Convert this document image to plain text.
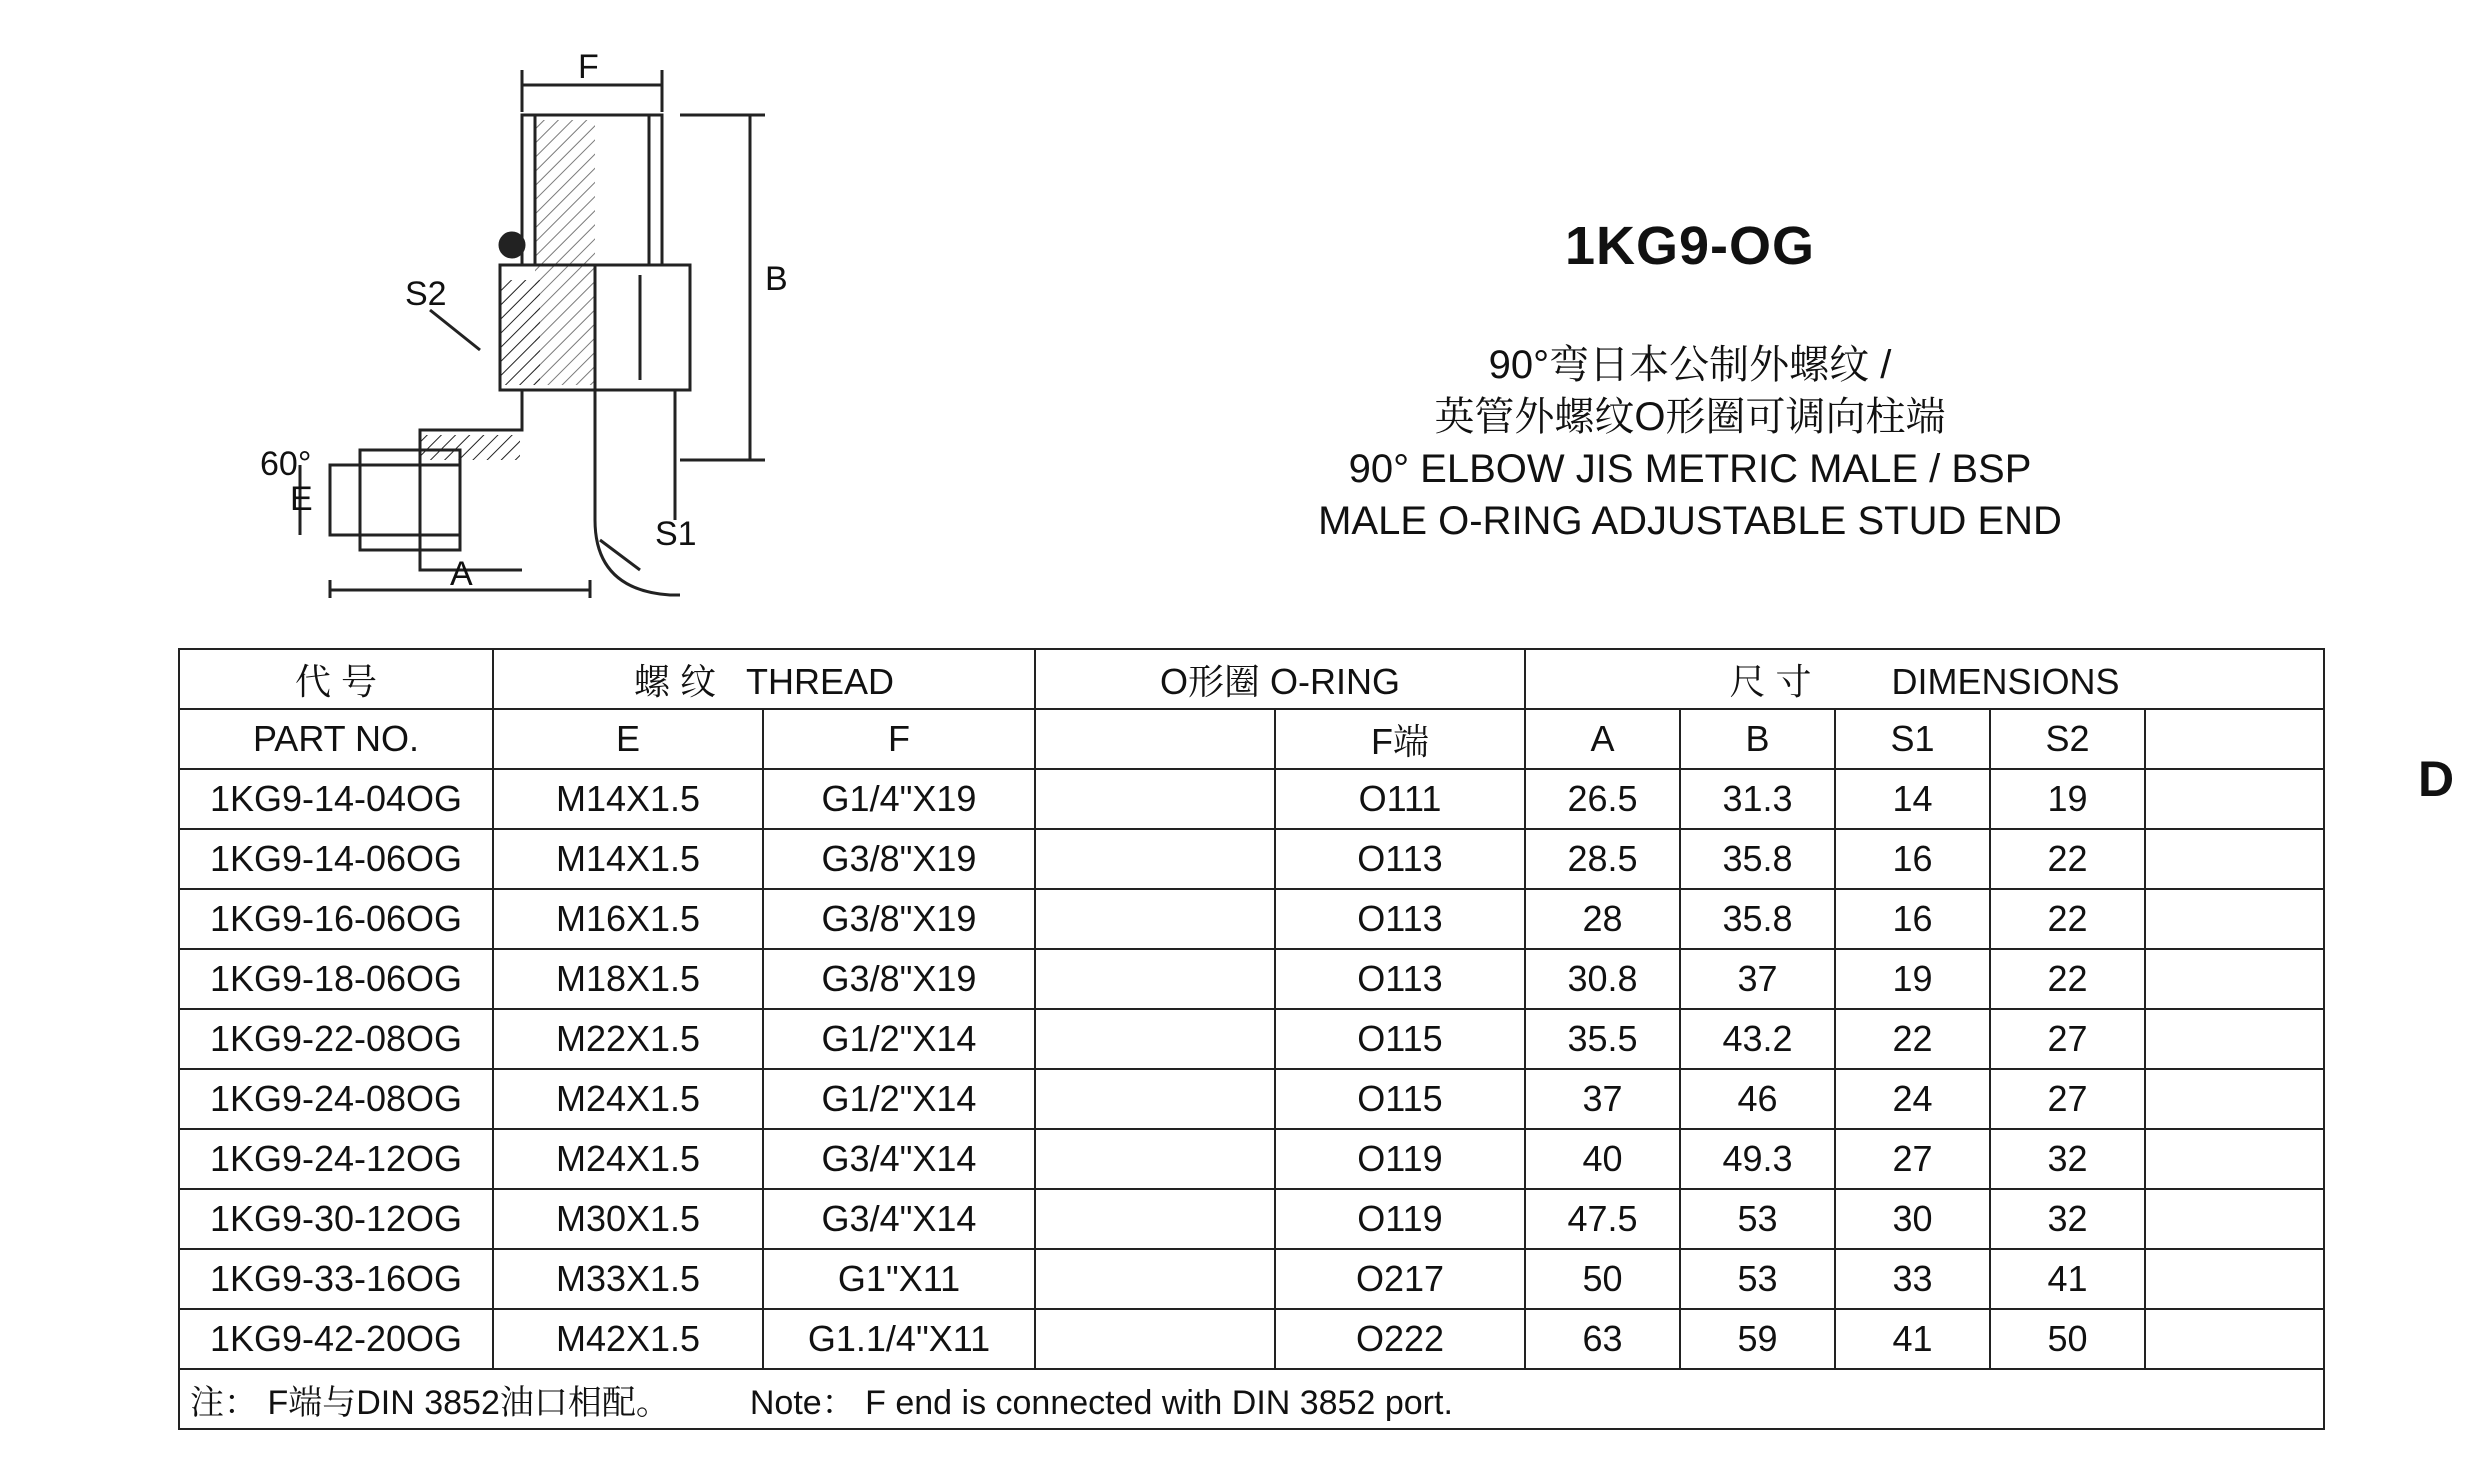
F
B
S2
S1
E
A
60°
1KG9-OG
90°弯日本公制外螺纹 /
英管外螺纹O形圈可调向柱端
90° ELBOW JIS METRIC MALE / BSP
MALE O-RING ADJUSTABLE STUD END
D
代 号	螺 纹 THREAD		O形圈 O-RING		尺 寸 DIMENSIONS				
PART NO.	E	F		F端	A	B	S1	S2	
1KG9-14-04OG	M14X1.5	G1/4"X19		O111	26.5	31.3	14	19	
1KG9-14-06OG	M14X1.5	G3/8"X19		O113	28.5	35.8	16	22	
1KG9-16-06OG	M16X1.5	G3/8"X19		O113	28	35.8	16	22	
1KG9-18-06OG	M18X1.5	G3/8"X19		O113	30.8	37	19	22	
1KG9-22-08OG	M22X1.5	G1/2"X14		O115	35.5	43.2	22	27	
1KG9-24-08OG	M24X1.5	G1/2"X14		O115	37	46	24	27	
1KG9-24-12OG	M24X1.5	G3/4"X14		O119	40	49.3	27	32	
1KG9-30-12OG	M30X1.5	G3/4"X14		O119	47.5	53	30	32	
1KG9-33-16OG	M33X1.5	G1"X11		O217	50	53	33	41	
1KG9-42-20OG	M42X1.5	G1.1/4"X11		O222	63	59	41	50	
注： F端与DIN 3852油口相配。 Note： F end is connected with DIN 3852 port.									
